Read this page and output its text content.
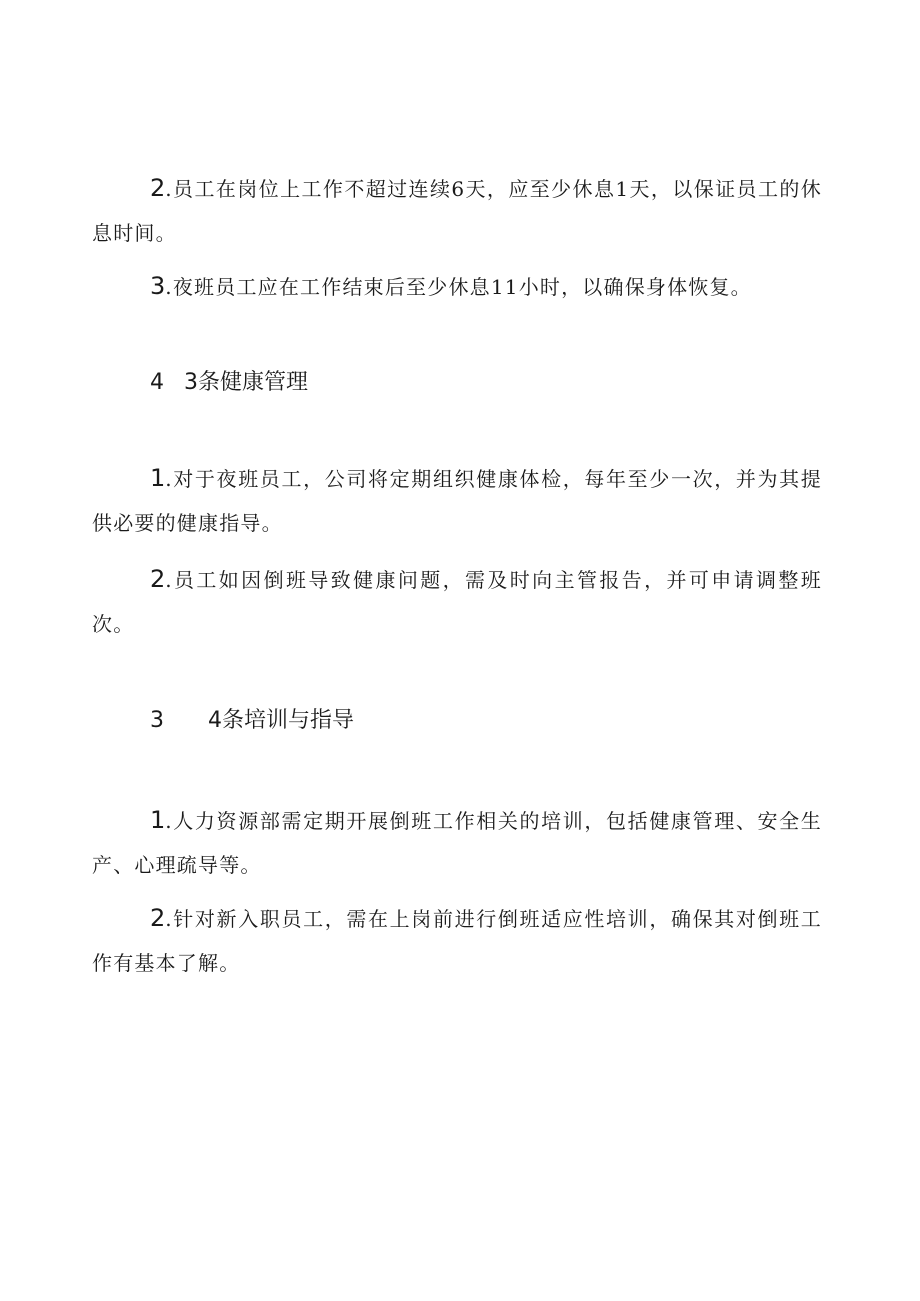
2.员工在岗位上工作不超过连续6天，应至少休息1天，以保证员工的休息时间。

3.夜班员工应在工作结束后至少休息11小时，以确保身体恢复。

4 3条健康管理

1.对于夜班员工，公司将定期组织健康体检，每年至少一次，并为其提供必要的健康指导。

2.员工如因倒班导致健康问题，需及时向主管报告，并可申请调整班次。

3 4条培训与指导

1.人力资源部需定期开展倒班工作相关的培训，包括健康管理、安全生产、心理疏导等。

2.针对新入职员工，需在上岗前进行倒班适应性培训，确保其对倒班工作有基本了解。
